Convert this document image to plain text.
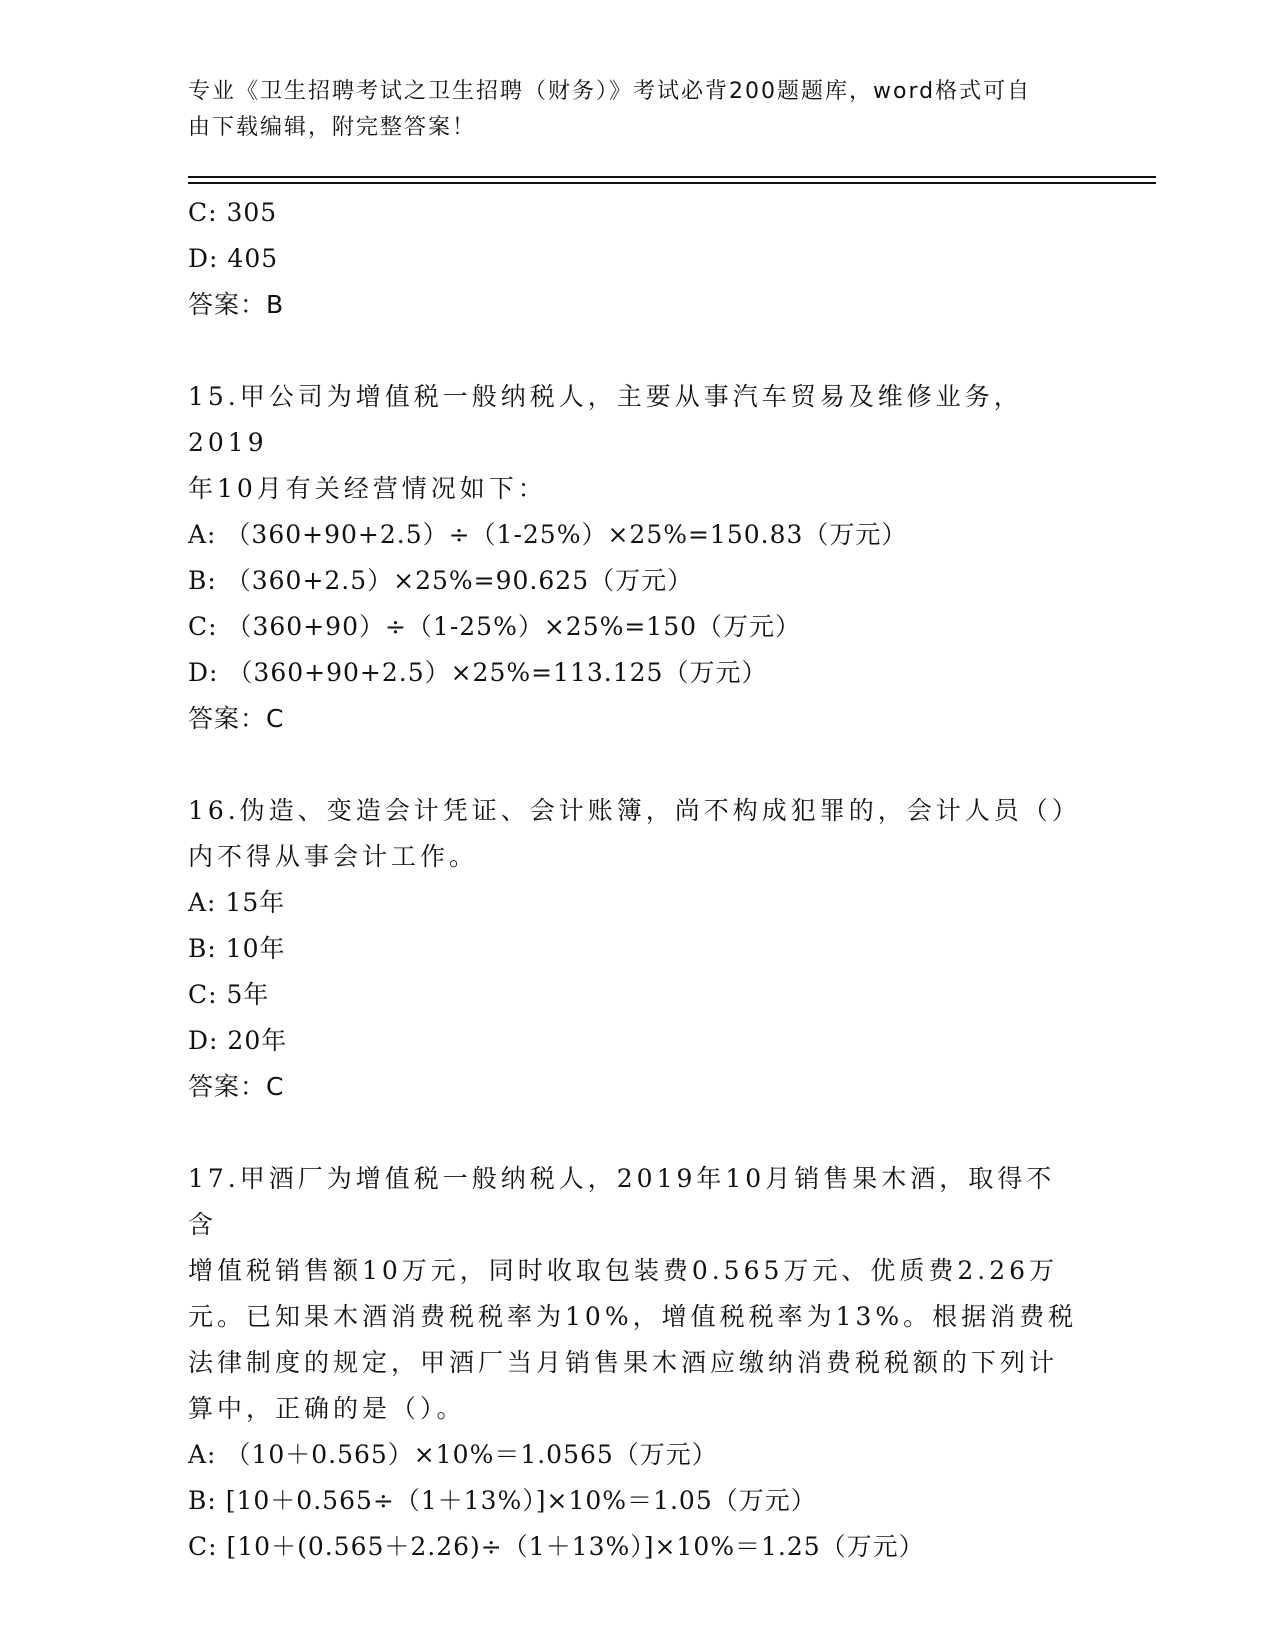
专业《卫生招聘考试之卫生招聘（财务）》考试必背200题题库，word格式可自
由下载编辑，附完整答案！
C: 305
D: 405
答案：B
15.甲公司为增值税一般纳税人，主要从事汽车贸易及维修业务，2019
年10月有关经营情况如下：
A: （360+90+2.5）÷（1-25%）×25%=150.83（万元）
B: （360+2.5）×25%=90.625（万元）
C: （360+90）÷（1-25%）×25%=150（万元）
D: （360+90+2.5）×25%=113.125（万元）
答案：C
16.伪造、变造会计凭证、会计账簿，尚不构成犯罪的，会计人员（）
内不得从事会计工作。
A: 15年
B: 10年
C: 5年
D: 20年
答案：C
17.甲酒厂为增值税一般纳税人，2019年10月销售果木酒，取得不含
增值税销售额10万元，同时收取包装费0.565万元、优质费2.26万
元。已知果木酒消费税税率为10%，增值税税率为13%。根据消费税
法律制度的规定，甲酒厂当月销售果木酒应缴纳消费税税额的下列计
算中，正确的是（）。
A: （10＋0.565）×10%＝1.0565（万元）
B: [10＋0.565÷（1＋13%）]×10%＝1.05（万元）
C: [10＋(0.565＋2.26)÷（1＋13%）]×10%＝1.25（万元）
